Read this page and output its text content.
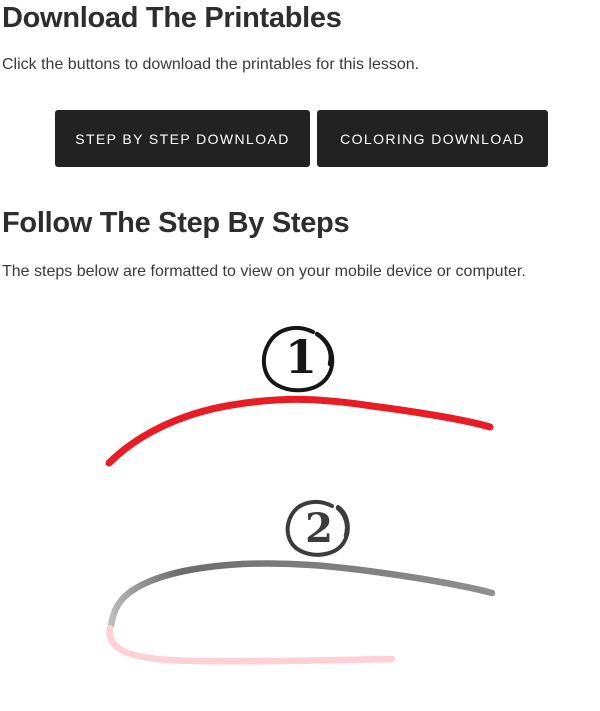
Download The Printables

Click the buttons to download the printables for this lesson.

STEP BY STEP DOWNLOAD	COLORING DOWNLOAD
Follow The Step By Steps

The steps below are formatted to view on your mobile device or computer.

1
2
